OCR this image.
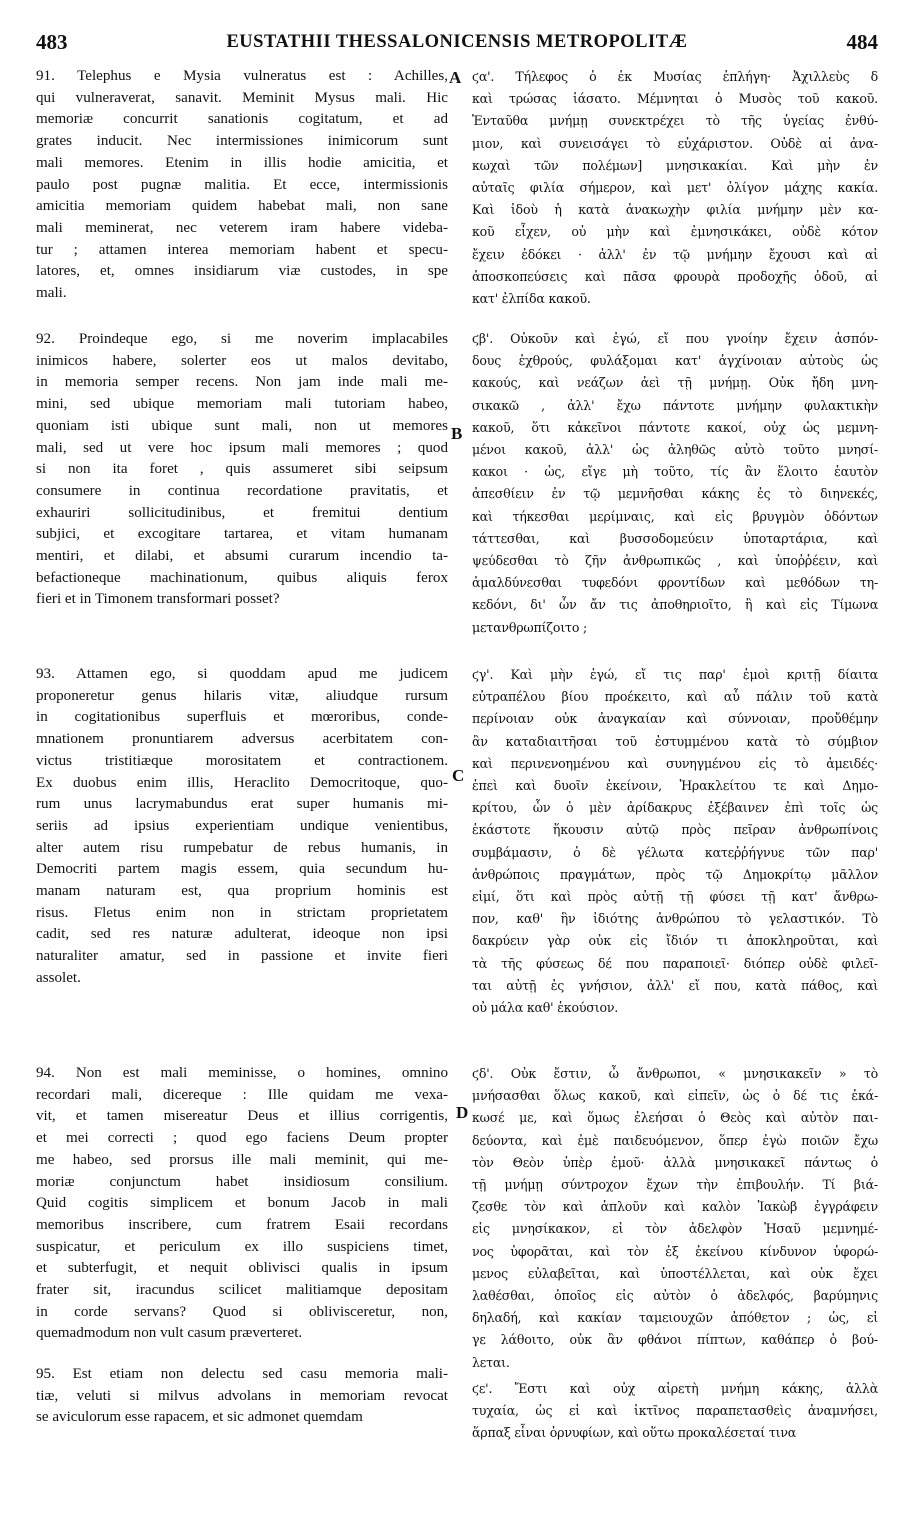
483	EUSTATHII THESSALONICENSIS METROPOLITÆ	484
91. Telephus e Mysia vulneratus est : Achilles,
qui vulneraverat, sanavit. Meminit Mysus mali. Hic
memoriæ concurrit sanationis cogitatum, et ad
grates inducit. Nec intermissiones inimicorum sunt
mali memores. Etenim in illis hodie amicitia, et
paulo post pugnæ malitia. Et ecce, intermissionis
amicitia memoriam quidem habebat mali, non sane
mali meminerat, nec veterem iram habere videba-
tur ; attamen interea memoriam habent et specu-
latores, et, omnes insidiarum viæ custodes, in spe
mali.
92. Proindeque ego, si me noverim implacabiles
inimicos habere, solerter eos ut malos devitabo,
in memoria semper recens. Non jam inde mali me-
mini, sed ubique memoriam mali tutoriam habeo,
quoniam isti ubique sunt mali, non ut memores
mali, sed ut vere hoc ipsum mali memores ; quod
si non ita foret , quis assumeret sibi seipsum
consumere in continua recordatione pravitatis, et
exhauriri sollicitudinibus, et fremitui dentium
subjici, et excogitare tartarea, et vitam humanam
mentiri, et dilabi, et absumi curarum incendio ta-
befactioneque machinationum, quibus aliquis ferox
fieri et in Timonem transformari posset?
93. Attamen ego, si quoddam apud me judicem
proponeretur genus hilaris vitæ, aliudque rursum
in cogitationibus superfluis et mœroribus, conde-
mnationem pronuntiarem adversus acerbitatem con-
victus tristitiæque morositatem et contractionem.
Ex duobus enim illis, Heraclito Democritoque, quo-
rum unus lacrymabundus erat super humanis mi-
seriis ad ipsius experientiam undique venientibus,
alter autem risu rumpebatur de rebus humanis, in
Democriti partem magis essem, quia secundum hu-
manam naturam est, qua proprium hominis est
risus. Fletus enim non in strictam proprietatem
cadit, sed res naturæ adulterat, ideoque non ipsi
naturaliter amatur, sed in passione et invite fieri
assolet.
94. Non est mali meminisse, o homines, omnino
recordari mali, dicereque : Ille quidam me vexa-
vit, et tamen misereatur Deus et illius corrigentis,
et mei correcti ; quod ego faciens Deum propter
me habeo, sed prorsus ille mali meminit, qui me-
moriæ conjunctum habet insidiosum consilium.
Quid cogitis simplicem et bonum Jacob in mali
memoribus inscribere, cum fratrem Esaii recordans
suspicatur, et periculum ex illo suspiciens timet,
et subterfugit, et nequit oblivisci qualis in ipsum
frater sit, iracundus scilicet malitiamque depositam
in corde servans? Quod si oblivisceretur, non,
quemadmodum non vult casum præverteret.
95. Est etiam non delectu sed casu memoria mali-
tiæ, veluti si milvus advolans in memoriam revocat
se aviculorum esse rapacem, et sic admonet quemdam
ϛα'. Τήλεφος ὁ ἐκ Μυσίας ἐπλήγη· Ἀχιλλεὺς δ
καὶ τρώσας ἰάσατο. Μέμνηται ὁ Μυσὸς τοῦ κακοῦ.
Ἐνταῦθα μνήμῃ συνεκτρέχει τὸ τῆς ὑγείας ἐνθύ-
μιον, καὶ συνεισάγει τὸ εὐχάριστον. Οὐδὲ αἱ ἀνα-
κωχαὶ τῶν πολέμων] μνησικακίαι. Καὶ μὴν ἐν
αὐταῖς φιλία σήμερον, καὶ μετ' ὀλίγον μάχης κακία.
Καὶ ἰδοὺ ἡ κατὰ ἀνακωχὴν φιλία μνήμην μὲν κα-
κοῦ εἶχεν, οὐ μὴν καὶ ἐμνησικάκει, οὐδὲ κότον
ἔχειν ἐδόκει · ἀλλ' ἐν τῷ μνήμην ἔχουσι καὶ αἱ
ἀποσκοπεύσεις καὶ πᾶσα φρουρὰ προδοχῆς ὁδοῦ, αἱ
κατ' ἐλπίδα κακοῦ.
ϛβ'. Οὐκοῦν καὶ ἐγώ, εἴ που γνοίην ἔχειν ἀσπόν-
δους ἐχθρούς, φυλάξομαι κατ' ἀγχίνοιαν αὐτοὺς ὡς
κακούς, καὶ νεάζων ἀεὶ τῇ μνήμῃ. Οὐκ ἤδη μνη-
σικακῶ , ἀλλ' ἔχω πάντοτε μνήμην φυλακτικὴν
κακοῦ, ὅτι κἀκεῖνοι πάντοτε κακοί, οὐχ ὡς μεμνη-
μένοι κακοῦ, ἀλλ' ὡς ἀληθῶς αὐτὸ τοῦτο μνησί-
κακοι · ὡς, εἴγε μὴ τοῦτο, τίς ἂν ἕλοιτο ἑαυτὸν
ἀπεσθίειν ἐν τῷ μεμνῆσθαι κάκης ἐς τὸ διηνεκές,
καὶ τήκεσθαι μερίμναις, καὶ εἰς βρυγμὸν ὀδόντων
τάττεσθαι, καὶ βυσσοδομεύειν ὑποταρτάρια, καὶ
ψεύδεσθαι τὸ ζῆν ἀνθρωπικῶς , καὶ ὑποῤῥέειν, καὶ
ἀμαλδύνεσθαι τυφεδόνι φροντίδων καὶ μεθόδων τη-
κεδόνι, δι' ὧν ἄν τις ἀποθηριοῖτο, ἢ καὶ εἰς Τίμωνα
μετανθρωπίζοιτο ;
ϛγ'. Καὶ μὴν ἐγώ, εἴ τις παρ' ἐμοὶ κριτῇ δίαιτα
εὐτραπέλου βίου προέκειτο, καὶ αὖ πάλιν τοῦ κατὰ
περίνοιαν οὐκ ἀναγκαίαν καὶ σύννοιαν, προὔθέμην
ἂν καταδιαιτῆσαι τοῦ ἐστυμμένου κατὰ τὸ σύμβιον
καὶ περινενοημένου καὶ συνηγμένου εἰς τὸ ἀμειδές·
ἐπεὶ καὶ δυοῖν ἐκείνοιν, Ἡρακλείτου τε καὶ Δημο-
κρίτου, ὧν ὁ μὲν ἀρίδακρυς ἐξέβαινεν ἐπὶ τοῖς ὡς
ἑκάστοτε ἥκουσιν αὐτῷ πρὸς πεῖραν ἀνθρωπίνοις
συμβάμασιν, ὁ δὲ γέλωτα κατεῤῥήγνυε τῶν παρ'
ἀνθρώποις πραγμάτων, πρὸς τῷ Δημοκρίτῳ μᾶλλον
εἰμί, ὅτι καὶ πρὸς αὐτῇ τῇ φύσει τῇ κατ' ἄνθρω-
πον, καθ' ἣν ἰδιότης ἀνθρώπου τὸ γελαστικόν. Τὸ
δακρύειν γὰρ οὐκ εἰς ἴδιόν τι ἀποκληροῦται, καὶ
τὰ τῆς φύσεως δέ που παραποιεῖ· διόπερ οὐδὲ φιλεῖ-
ται αὐτῇ ἐς γνήσιον, ἀλλ' εἴ που, κατὰ πάθος, καὶ
οὐ μάλα καθ' ἑκούσιον.
ϛδ'. Οὐκ ἔστιν, ὦ ἄνθρωποι, « μνησικακεῖν » τὸ
μνήσασθαι ὅλως κακοῦ, καὶ εἰπεῖν, ὡς ὁ δέ τις ἐκά-
κωσέ με, καὶ ὅμως ἐλεήσαι ὁ Θεὸς καὶ αὐτὸν παι-
δεύοντα, καὶ ἐμὲ παιδευόμενον, ὅπερ ἐγὼ ποιῶν ἔχω
τὸν Θεὸν ὑπὲρ ἐμοῦ· ἀλλὰ μνησικακεῖ πάντως ὁ
τῇ μνήμῃ σύντροχον ἔχων τὴν ἐπιβουλήν. Τί βιά-
ζεσθε τὸν καὶ ἁπλοῦν καὶ καλὸν Ἰακὼβ ἐγγράφειν
εἰς μνησίκακον, εἰ τὸν ἀδελφὸν Ἡσαῦ μεμνημέ-
νος ὑφορᾶται, καὶ τὸν ἐξ ἐκείνου κίνδυνον ὑφορώ-
μενος εὐλαβεῖται, καὶ ὑποστέλλεται, καὶ οὐκ ἔχει
λαθέσθαι, ὁποῖος εἰς αὐτὸν ὁ ἀδελφός, βαρύμηνις
δηλαδή, καὶ κακίαν ταμειουχῶν ἀπόθετον ; ὡς, εἰ
γε λάθοιτο, οὐκ ἂν φθάνοι πίπτων, καθάπερ ὁ βού-
λεται.
ϛε'. Ἔστι καὶ οὐχ αἱρετὴ μνήμη κάκης, ἀλλὰ
τυχαία, ὡς εἰ καὶ ἰκτῖνος παραπετασθεὶς ἀναμνήσει,
ἅρπαξ εἶναι ὀρνυφίων, καὶ οὕτω προκαλέσεταί τινα
A
B
C
D
